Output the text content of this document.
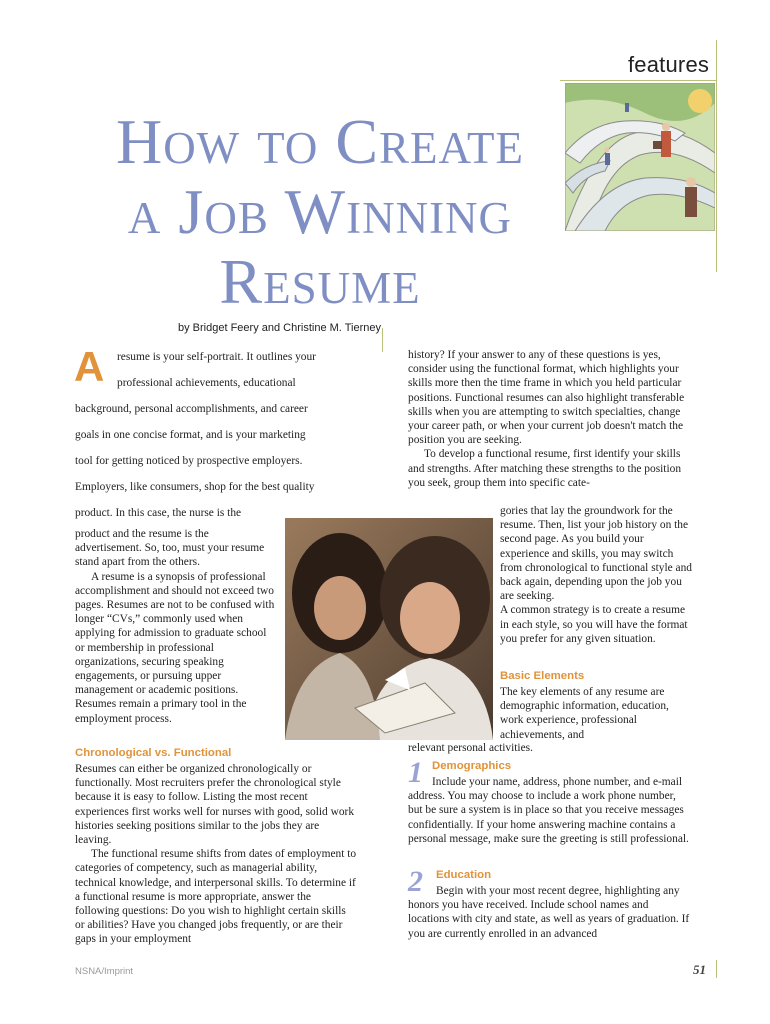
features
How to Create
a Job Winning
Resume
by Bridget Feery and Christine M. Tierney
A resume is your self-portrait. It outlines your
professional achievements, educational
background, personal accomplishments, and career
goals in one concise format, and is your marketing
tool for getting noticed by prospective employers.
Employers, like consumers, shop for the best quality
product. In this case, the nurse is the

product and the resume is the advertisement. So, too, must your resume stand apart from the others.

A resume is a synopsis of professional accomplishment and should not exceed two pages. Resumes are not to be confused with longer “CVs,” commonly used when applying for admission to graduate school or membership in professional organizations, securing speaking engagements, or pursuing upper management or academic positions. Resumes remain a primary tool in the employment process.

Chronological vs. Functional

Resumes can either be organized chronologically or functionally. Most recruiters prefer the chronological style because it is easy to follow. Listing the most recent experiences first works well for nurses with good, solid work histories seeking positions similar to the jobs they are leaving.

The functional resume shifts from dates of employment to categories of competency, such as managerial ability, technical knowledge, and interpersonal skills. To determine if a functional resume is more appropriate, answer the following questions: Do you wish to highlight certain skills or abilities? Have you changed jobs frequently, or are their gaps in your employment

history? If your answer to any of these questions is yes, consider using the functional format, which highlights your skills more then the time frame in which you held particular positions. Functional resumes can also highlight transferable skills when you are attempting to switch specialties, change your career path, or when your current job doesn't match the position you are seeking.

To develop a functional resume, first identify your skills and strengths. After matching these strengths to the position you seek, group them into specific cate-

gories that lay the groundwork for the resume. Then, list your job history on the second page. As you build your experience and skills, you may switch from chronological to functional style and back again, depending upon the job you are seeking.

A common strategy is to create a resume in each style, so you will have the format you prefer for any given situation.

Basic Elements
The key elements of any resume are demographic information, education, work experience, professional achievements, and
relevant personal activities.
1 Demographics
Include your name, address, phone number, and e-mail address. You may choose to include a work phone number, but be sure a system is in place so that you receive messages confidentially. If your home answering machine contains a personal message, make sure the greeting is still professional.
2 Education
Begin with your most recent degree, highlighting any honors you have received. Include school names and locations with city and state, as well as years of graduation. If you are currently enrolled in an advanced
NSNA/Imprint	51
